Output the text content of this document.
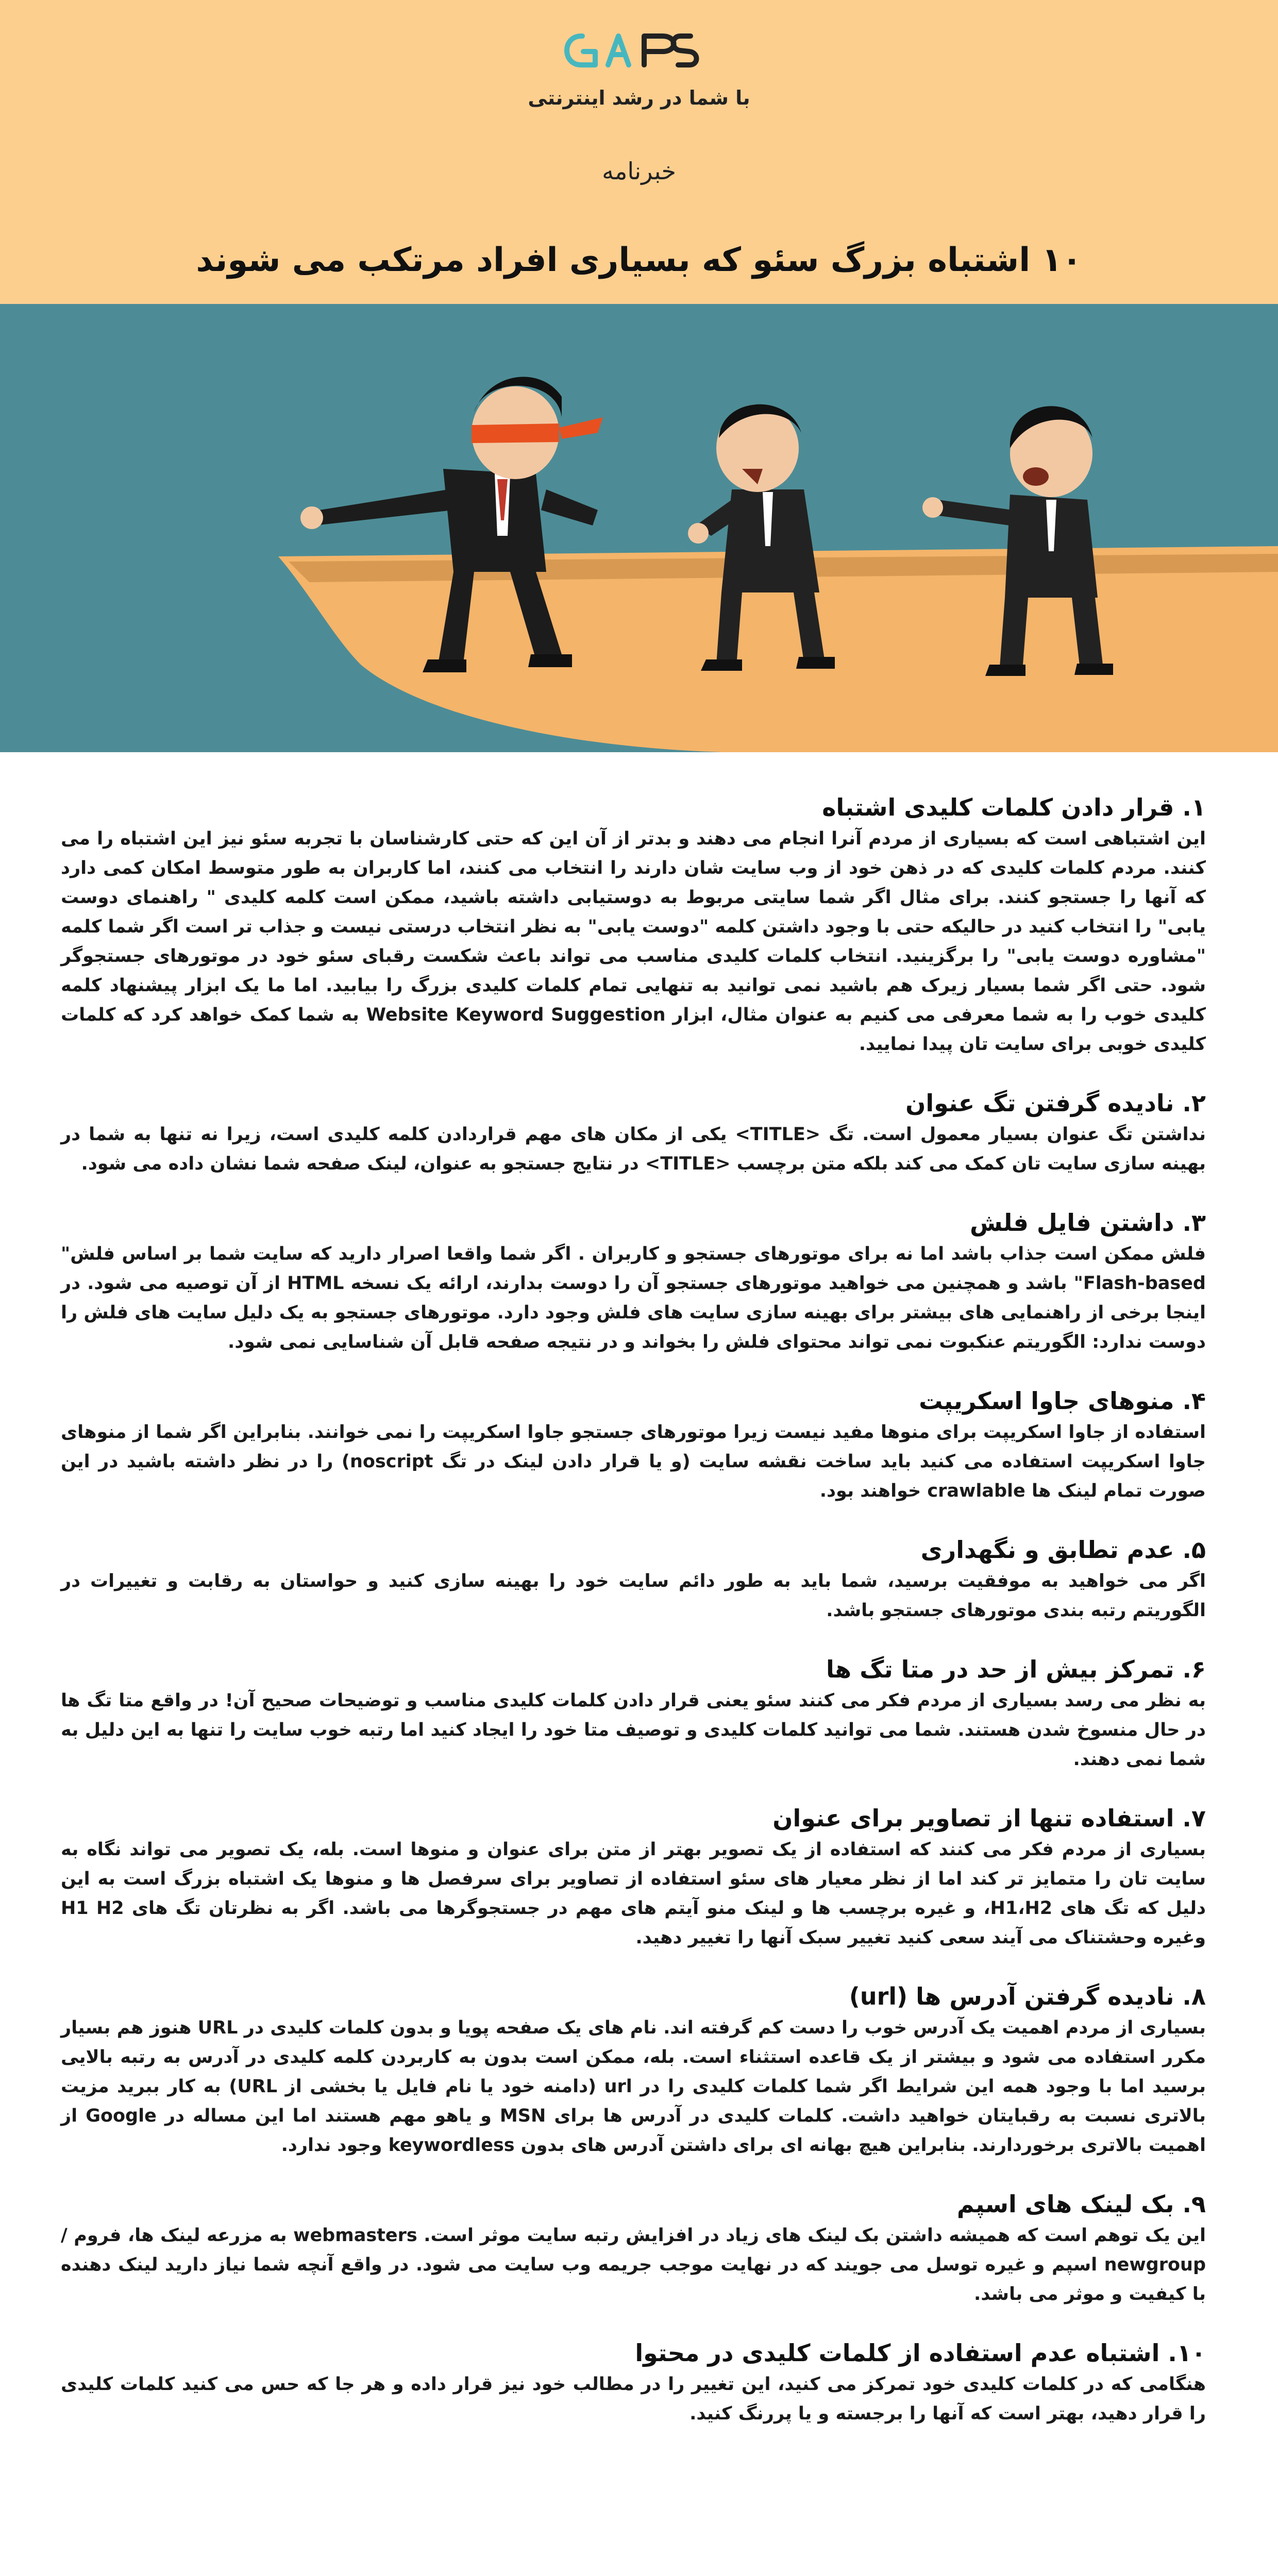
با شما در رشد اینترنتی
خبرنامه
۱۰ اشتباه بزرگ سئو که بسیاری افراد مرتکب می شوند
۱. قرار دادن کلمات کلیدی اشتباه

این اشتباهی است که بسیاری از مردم آنرا انجام می دهند و بدتر از آن این که حتی کارشناسان با تجربه سئو نیز این اشتباه را می کنند. مردم کلمات کلیدی که در ذهن خود از وب سایت شان دارند را انتخاب می کنند، اما کاربران به طور متوسط امکان کمی دارد که آنها را جستجو کنند. برای مثال اگر شما سایتی مربوط به دوستیابی داشته باشید، ممکن است کلمه کلیدی " راهنمای دوست یابی" را انتخاب کنید در حالیکه حتی با وجود داشتن کلمه "دوست یابی" به نظر انتخاب درستی نیست و جذاب تر است اگر شما کلمه "مشاوره دوست یابی" را برگزینید. انتخاب کلمات کلیدی مناسب می تواند باعث شکست رقبای سئو خود در موتورهای جستجوگر شود. حتی اگر شما بسیار زیرک هم باشید نمی توانید به تنهایی تمام کلمات کلیدی بزرگ را بیابید. اما ما یک ابزار پیشنهاد کلمه کلیدی خوب را به شما معرفی می کنیم به عنوان مثال، ابزار Website Keyword Suggestion به شما کمک خواهد کرد که کلمات کلیدی خوبی برای سایت تان پیدا نمایید.

۲. نادیده گرفتن تگ عنوان

نداشتن تگ عنوان بسیار معمول است. تگ <TITLE> یکی از مکان های مهم قراردادن کلمه کلیدی است، زیرا نه تنها به شما در بهینه سازی سایت تان کمک می کند بلکه متن برچسب <TITLE> در نتایج جستجو به عنوان، لینک صفحه شما نشان داده می شود.

۳. داشتن فایل فلش

فلش ممکن است جذاب باشد اما نه برای موتورهای جستجو و کاربران . اگر شما واقعا اصرار دارید که سایت شما بر اساس فلش" Flash-based" باشد و همچنین می خواهید موتورهای جستجو آن را دوست بدارند، ارائه یک نسخه HTML از آن توصیه می شود. در اینجا برخی از راهنمایی های بیشتر برای بهینه سازی سایت های فلش وجود دارد. موتورهای جستجو به یک دلیل سایت های فلش را دوست ندارد: الگوریتم عنکبوت نمی تواند محتوای فلش را بخواند و در نتیجه صفحه قابل آن شناسایی نمی شود.

۴. منوهای جاوا اسکریپت

استفاده از جاوا اسکریپت برای منوها مفید نیست زیرا موتورهای جستجو جاوا اسکریپت را نمی خوانند. بنابراین اگر شما از منوهای جاوا اسکریپت استفاده می کنید باید ساخت نقشه سایت (و یا قرار دادن لینک در تگ noscript) را در نظر داشته باشید در این صورت تمام لینک ها crawlable خواهند بود.

۵. عدم تطابق و نگهداری

اگر می خواهید به موفقیت برسید، شما باید به طور دائم سایت خود را بهینه سازی کنید و حواستان به رقابت و تغییرات در الگوریتم رتبه بندی موتورهای جستجو باشد.

۶. تمرکز بیش از حد در متا تگ ها

به نظر می رسد بسیاری از مردم فکر می کنند سئو یعنی قرار دادن کلمات کلیدی مناسب و توضیحات صحیح آن! در واقع متا تگ ها در حال منسوخ شدن هستند. شما می توانید کلمات کلیدی و توصیف متا خود را ایجاد کنید اما رتبه خوب سایت را تنها به این دلیل به شما نمی دهند.

۷. استفاده تنها از تصاویر برای عنوان

بسیاری از مردم فکر می کنند که استفاده از یک تصویر بهتر از متن برای عنوان و منوها است. بله، یک تصویر می تواند نگاه به سایت تان را متمایز تر کند اما از نظر معیار های سئو استفاده از تصاویر برای سرفصل ها و منوها یک اشتباه بزرگ است به این دلیل که تگ های H1،H2، و غیره برچسب ها و لینک منو آیتم های مهم در جستجوگرها می باشد. اگر به نظرتان تگ های H1 H2 وغیره وحشتناک می آیند سعی کنید تغییر سبک آنها را تغییر دهید.

۸. نادیده گرفتن آدرس ها (url)

بسیاری از مردم اهمیت یک آدرس خوب را دست کم گرفته اند. نام های یک صفحه پویا و بدون کلمات کلیدی در URL هنوز هم بسیار مکرر استفاده می شود و بیشتر از یک قاعده استثناء است. بله، ممکن است بدون به کاربردن کلمه کلیدی در آدرس به رتبه بالایی برسید اما با وجود همه این شرایط اگر شما کلمات کلیدی را در url (دامنه خود یا نام فایل یا بخشی از URL) به کار ببرید مزیت بالاتری نسبت به رقبایتان خواهید داشت. کلمات کلیدی در آدرس ها برای MSN و یاهو مهم هستند اما این مساله در Google از اهمیت بالاتری برخوردارند. بنابراین هیچ بهانه ای برای داشتن آدرس های بدون keywordless وجود ندارد.

۹. بک لینک های اسپم

این یک توهم است که همیشه داشتن بک لینک های زیاد در افزایش رتبه سایت موثر است. webmasters به مزرعه لینک ها، فروم / newgroup اسپم و غیره توسل می جویند که در نهایت موجب جریمه وب سایت می شود. در واقع آنچه شما نیاز دارید لینک دهنده با کیفیت و موثر می باشد.

۱۰. اشتباه عدم استفاده از کلمات کلیدی در محتوا

هنگامی که در کلمات کلیدی خود تمرکز می کنید، این تغییر را در مطالب خود نیز قرار داده و هر جا که حس می کنید کلمات کلیدی را قرار دهید، بهتر است که آنها را برجسته و یا پررنگ کنید.
